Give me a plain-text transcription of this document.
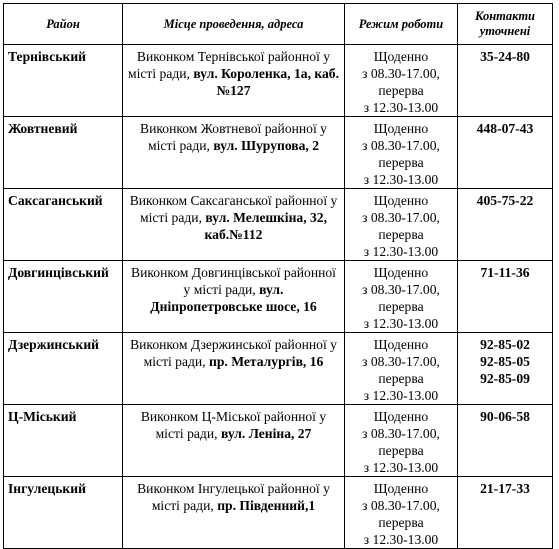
Район	Місце проведення, адреса	Режим роботи	Контакти
уточнені

Тернівський	Виконком Тернівської районної у місті ради, вул. Короленка, 1а, каб. №127	Щоденно
з 08.30-17.00,
перерва
з 12.30-13.00	35-24-80

Жовтневий	Виконком Жовтневої районної у місті ради, вул. Шурупова, 2	Щоденно
з 08.30-17.00,
перерва
з 12.30-13.00	448-07-43

Саксаганський	Виконком Саксаганської районної у місті ради, вул. Мелешкіна, 32, каб.№112	Щоденно
з 08.30-17.00,
перерва
з 12.30-13.00	405-75-22

Довгинцівський	Виконком Довгинцівської районної у місті ради, вул. Дніпропетровське шосе, 16	Щоденно
з 08.30-17.00,
перерва
з 12.30-13.00	71-11-36

Дзержинський	Виконком Дзержинської районної у місті ради, пр. Металургів, 16	Щоденно
з 08.30-17.00,
перерва
з 12.30-13.00	92-85-02
92-85-05
92-85-09

Ц-Міський	Виконком Ц-Міської районної у місті ради, вул. Леніна, 27	Щоденно
з 08.30-17.00,
перерва
з 12.30-13.00	90-06-58

Інгулецький	Виконком Інгулецької районної у місті ради, пр. Південний,1	Щоденно
з 08.30-17.00,
перерва
з 12.30-13.00	21-17-33
